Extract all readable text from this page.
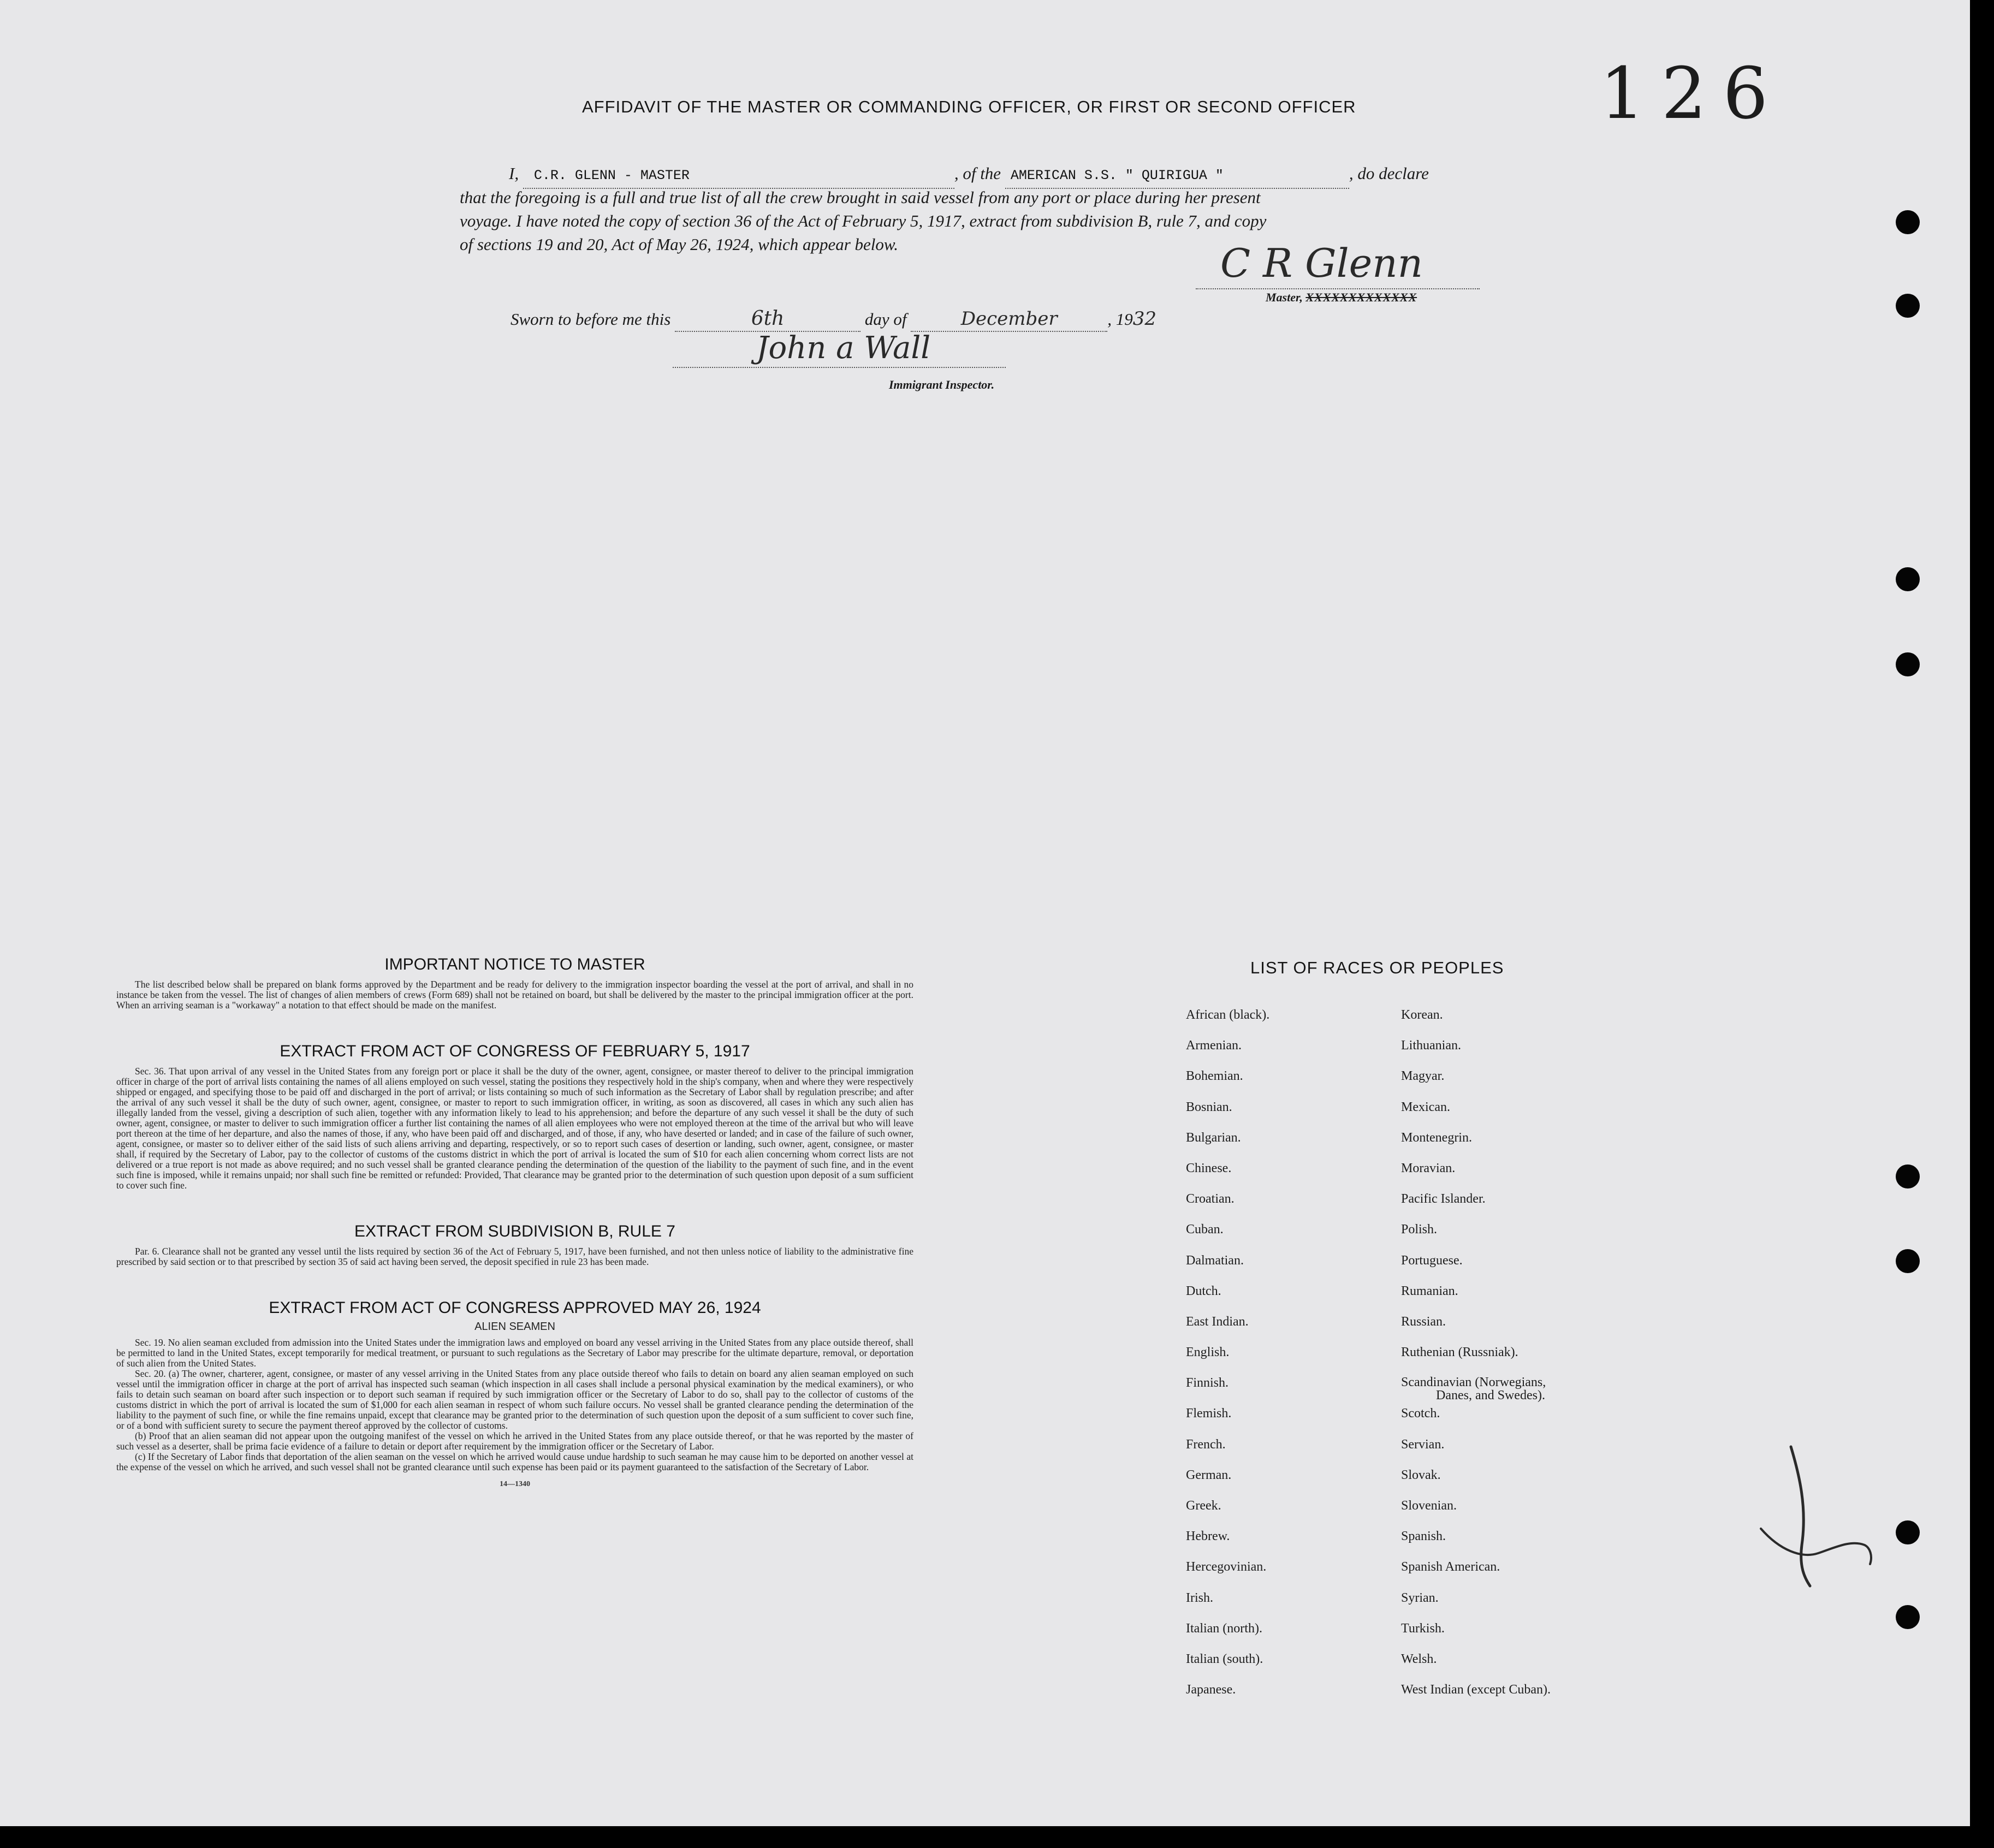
126
AFFIDAVIT OF THE MASTER OR COMMANDING OFFICER, OR FIRST OR SECOND OFFICER
I, C.R. GLENN - MASTER	, of the AMERICAN S.S. " QUIRIGUA "	, do declare
that the foregoing is a full and true list of all the crew brought in said vessel from any port or place during her present
voyage. I have noted the copy of section 36 of the Act of February 5, 1917, extract from subdivision B, rule 7, and copy
of sections 19 and 20, Act of May 26, 1924, which appear below.	C R Glenn
Master, XXXXXXXXXXXXX
Sworn to before me this	6th	day of	December	, 1932
John a Wall
Immigrant Inspector.
IMPORTANT NOTICE TO MASTER

The list described below shall be prepared on blank forms approved by the Department and be ready for delivery to the immigration inspector boarding the vessel at the port of arrival, and shall in no instance be taken from the vessel. The list of changes of alien members of crews (Form 689) shall not be retained on board, but shall be delivered by the master to the principal immigration officer at the port. When an arriving seaman is a "workaway" a notation to that effect should be made on the manifest.

EXTRACT FROM ACT OF CONGRESS OF FEBRUARY 5, 1917

Sec. 36. That upon arrival of any vessel in the United States from any foreign port or place it shall be the duty of the owner, agent, consignee, or master thereof to deliver to the principal immigration officer in charge of the port of arrival lists containing the names of all aliens employed on such vessel, stating the positions they respectively hold in the ship's company, when and where they were respectively shipped or engaged, and specifying those to be paid off and discharged in the port of arrival; or lists containing so much of such information as the Secretary of Labor shall by regulation prescribe; and after the arrival of any such vessel it shall be the duty of such owner, agent, consignee, or master to report to such immigration officer, in writing, as soon as discovered, all cases in which any such alien has illegally landed from the vessel, giving a description of such alien, together with any information likely to lead to his apprehension; and before the departure of any such vessel it shall be the duty of such owner, agent, consignee, or master to deliver to such immigration officer a further list containing the names of all alien employees who were not employed thereon at the time of the arrival but who will leave port thereon at the time of her departure, and also the names of those, if any, who have been paid off and discharged, and of those, if any, who have deserted or landed; and in case of the failure of such owner, agent, consignee, or master so to deliver either of the said lists of such aliens arriving and departing, respectively, or so to report such cases of desertion or landing, such owner, agent, consignee, or master shall, if required by the Secretary of Labor, pay to the collector of customs of the customs district in which the port of arrival is located the sum of $10 for each alien concerning whom correct lists are not delivered or a true report is not made as above required; and no such vessel shall be granted clearance pending the determination of the question of the liability to the payment of such fine, and in the event such fine is imposed, while it remains unpaid; nor shall such fine be remitted or refunded: Provided, That clearance may be granted prior to the determination of such question upon deposit of a sum sufficient to cover such fine.

EXTRACT FROM SUBDIVISION B, RULE 7

Par. 6. Clearance shall not be granted any vessel until the lists required by section 36 of the Act of February 5, 1917, have been furnished, and not then unless notice of liability to the administrative fine prescribed by said section or to that prescribed by section 35 of said act having been served, the deposit specified in rule 23 has been made.

EXTRACT FROM ACT OF CONGRESS APPROVED MAY 26, 1924
ALIEN SEAMEN

Sec. 19. No alien seaman excluded from admission into the United States under the immigration laws and employed on board any vessel arriving in the United States from any place outside thereof, shall be permitted to land in the United States, except temporarily for medical treatment, or pursuant to such regulations as the Secretary of Labor may prescribe for the ultimate departure, removal, or deportation of such alien from the United States.

Sec. 20. (a) The owner, charterer, agent, consignee, or master of any vessel arriving in the United States from any place outside thereof who fails to detain on board any alien seaman employed on such vessel until the immigration officer in charge at the port of arrival has inspected such seaman (which inspection in all cases shall include a personal physical examination by the medical examiners), or who fails to detain such seaman on board after such inspection or to deport such seaman if required by such immigration officer or the Secretary of Labor to do so, shall pay to the collector of customs of the customs district in which the port of arrival is located the sum of $1,000 for each alien seaman in respect of whom such failure occurs. No vessel shall be granted clearance pending the determination of the liability to the payment of such fine, or while the fine remains unpaid, except that clearance may be granted prior to the determination of such question upon the deposit of a sum sufficient to cover such fine, or of a bond with sufficient surety to secure the payment thereof approved by the collector of customs.

(b) Proof that an alien seaman did not appear upon the outgoing manifest of the vessel on which he arrived in the United States from any place outside thereof, or that he was reported by the master of such vessel as a deserter, shall be prima facie evidence of a failure to detain or deport after requirement by the immigration officer or the Secretary of Labor.

(c) If the Secretary of Labor finds that deportation of the alien seaman on the vessel on which he arrived would cause undue hardship to such seaman he may cause him to be deported on another vessel at the expense of the vessel on which he arrived, and such vessel shall not be granted clearance until such expense has been paid or its payment guaranteed to the satisfaction of the Secretary of Labor.

14—1340
LIST OF RACES OR PEOPLES
African (black).
Armenian.
Bohemian.
Bosnian.
Bulgarian.
Chinese.
Croatian.
Cuban.
Dalmatian.
Dutch.
East Indian.
English.
Finnish.
Flemish.
French.
German.
Greek.
Hebrew.
Hercegovinian.
Irish.
Italian (north).
Italian (south).
Japanese.
Korean.
Lithuanian.
Magyar.
Mexican.
Montenegrin.
Moravian.
Pacific Islander.
Polish.
Portuguese.
Rumanian.
Russian.
Ruthenian (Russniak).
Scandinavian (Norwegians,
Danes, and Swedes).
Scotch.
Servian.
Slovak.
Slovenian.
Spanish.
Spanish American.
Syrian.
Turkish.
Welsh.
West Indian (except Cuban).
